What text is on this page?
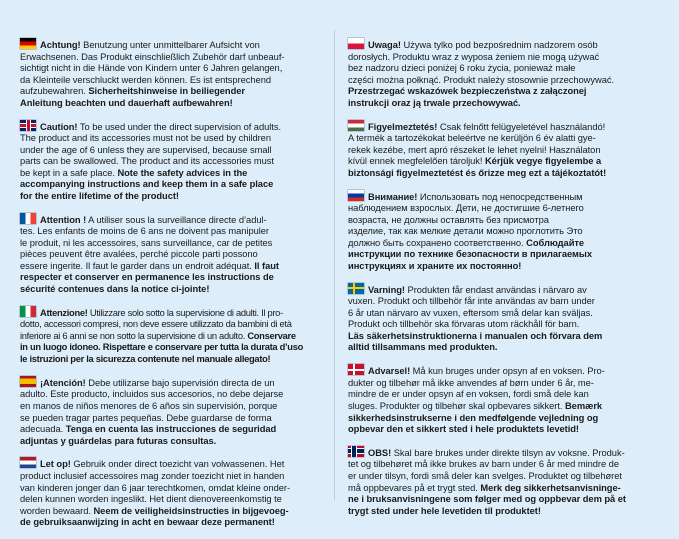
Achtung! Benutzung unter unmittelbarer Aufsicht von
Erwachsenen. Das Produkt einschließlich Zubehör darf unbeauf-
sichtigt nicht in die Hände von Kindern unter 6 Jahren gelangen,
da Kleinteile verschluckt werden können. Es ist entsprechend
aufzubewahren. Sicherheitshinweise in beiliegender
Anleitung beachten und dauerhaft aufbewahren!

Caution! To be used under the direct supervision of adults.
The product and its accessories must not be used by children
under the age of 6 unless they are supervised, because small
parts can be swallowed. The product and its accessories must
be kept in a safe place. Note the safety advices in the
accompanying instructions and keep them in a safe place
for the entire lifetime of the product!

Attention ! A utiliser sous la surveillance directe d’adul-
tes. Les enfants de moins de 6 ans ne doivent pas manipuler
le produit, ni les accessoires, sans surveillance, car de petites
pièces peuvent être avalées, perché piccole parti possono
essere ingerite. Il faut le garder dans un endroit adéquat. Il faut
respecter et conserver en permanence les instructions de
sécurité contenues dans la notice ci-jointe!

Attenzione! Utilizzare solo sotto la supervisione di adulti. Il pro-
dotto, accessori compresi, non deve essere utilizzato da bambini di età
inferiore ai 6 anni se non sotto la supervisione di un adulto. Conservare
in un luogo idoneo. Rispettare e conservare per tutta la durata d’uso
le istruzioni per la sicurezza contenute nel manuale allegato!

¡Atención! Debe utilizarse bajo supervisión directa de un
adulto. Este producto, incluidos sus accesorios, no debe dejarse
en manos de niños menores de 6 años sin supervisión, porque
se pueden tragar partes pequeñas. Debe guardarse de forma
adecuada. Tenga en cuenta las instrucciones de seguridad
adjuntas y guárdelas para futuras consultas.

Let op! Gebruik onder direct toezicht van volwassenen. Het
product inclusief accessoires mag zonder toezicht niet in handen
van kinderen jonger dan 6 jaar terechtkomen, omdat kleine onder-
delen kunnen worden ingeslikt. Het dient dienovereenkomstig te
worden bewaard. Neem de veiligheidsinstructies in bijgevoeg-
de gebruiksaanwijzing in acht en bewaar deze permanent!

Uwaga! Używa tylko pod bezpośrednim nadzorem osób
dorosłych. Produktu wraz z wyposa żeniem nie mogą używać
bez nadzoru dzieci poniżej 6 roku życia, ponieważ małe
części można połknąć. Produkt należy stosownie przechowywać.
Przestrzegać wskazówek bezpieczeństwa z załączonej
instrukcji oraz ją trwale przechowywać.

Figyelmeztetés! Csak felnőtt felügyeletével használandó!
A termék a tartozékokat beleértve ne kerüljön 6 év alatti gye-
rekek kezébe, mert apró részeket le lehet nyelni! Használaton
kívül ennek megfelelően tároljuk! Kérjük vegye figyelembe a
biztonsági figyelmeztetést és őrizze meg ezt a tájékoztatót!

Внимание! Использовать под непосредственным
наблюдением взрослых. Дети, не достигшие 6-летнего
возраста, не должны оставлять без присмотра
изделие, так как мелкие детали можно проглотить Это
должно быть сохранено соответственно. Соблюдайте
инструкции по технике безопасности в прилагаемых
инструкциях и храните их постоянно!

Varning! Produkten får endast användas i närvaro av
vuxen. Produkt och tillbehör får inte användas av barn under
6 år utan närvaro av vuxen, eftersom små delar kan sväljas.
Produkt och tillbehör ska förvaras utom räckhåll för barn.
Läs säkerhetsinstruktionerna i manualen och förvara dem
alltid tillsammans med produkten.

Advarsel! Må kun bruges under opsyn af en voksen. Pro-
dukter og tilbehør må ikke anvendes af børn under 6 år, me-
mindre de er under opsyn af en voksen, fordi små dele kan
sluges. Produkter og tilbehør skal opbevares sikkert. Bemærk
sikkerhedsinstrukserne i den medfølgende vejledning og
opbevar den et sikkert sted i hele produktets levetid!

OBS! Skal bare brukes under direkte tilsyn av voksne. Produk-
tet og tilbehøret må ikke brukes av barn under 6 år med mindre de
er under tilsyn, fordi små deler kan svelges. Produktet og tilbehøret
må oppbevares på et trygt sted. Merk deg sikkerhetsanvisninge-
ne i bruksanvisningene som følger med og oppbevar dem på et
trygt sted under hele levetiden til produktet!
